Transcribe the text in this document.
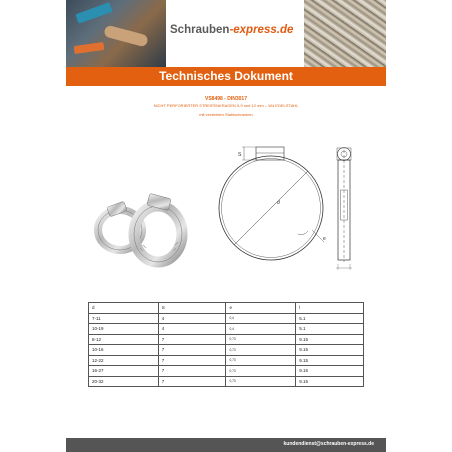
Schrauben-express.de
Technisches Dokument
VS8498 - DIN3017
NICHT PERFORIERTER STREIFENKRAGEN 5,9 und 12 mm – W4 EDELSTAHL
mit verzinkten Stahlschrauben
S
d
e
d	S	e	l
7-11	4	0,4	5.1
10-19	4	0,4	5.1
8-12	7	0,73	9.15
10-16	7	0,73	9.15
12-22	7	0,73	9.15
16-27	7	0,73	9.15
20-32	7	0,73	9.15
kundendienst@schrauben-express.de
